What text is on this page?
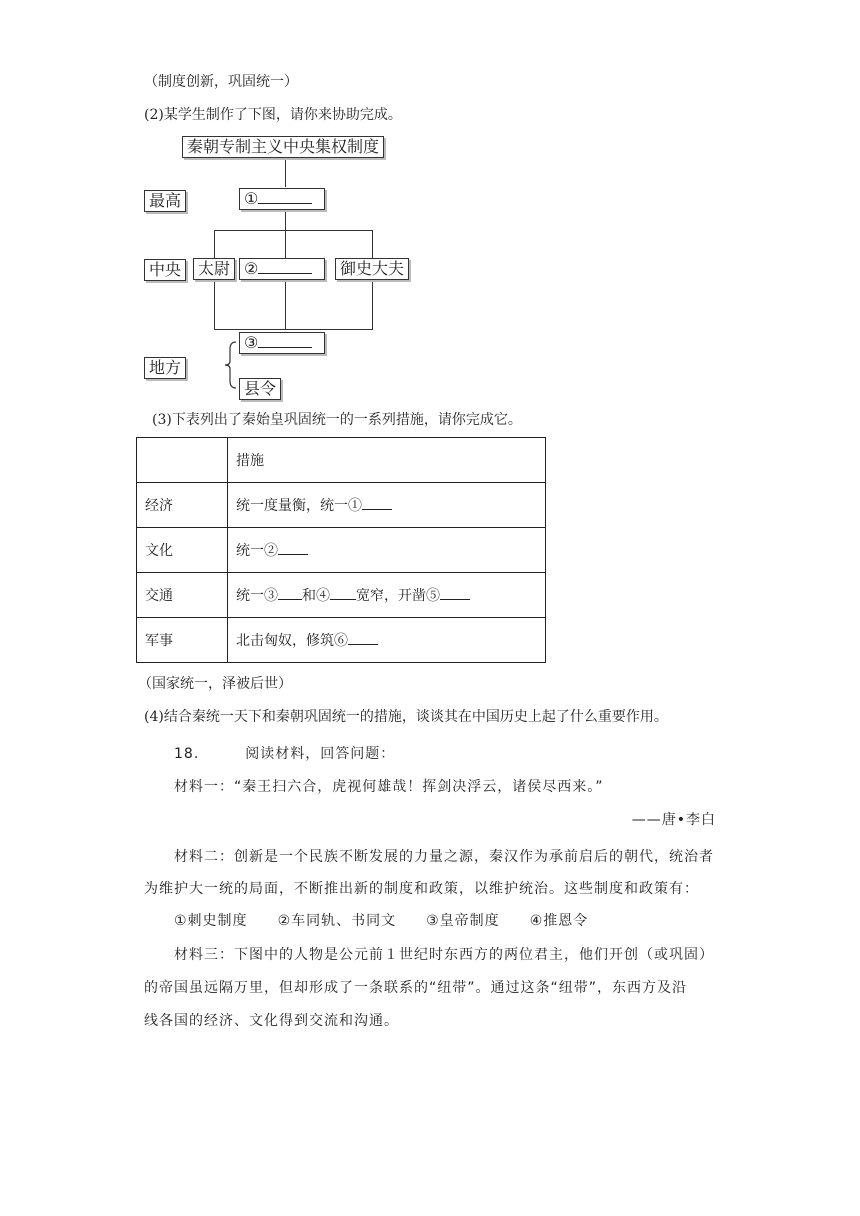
（制度创新，巩固统一）
(2)某学生制作了下图，请你来协助完成。
秦朝专制主义中央集权制度
最高	①
中央	太尉 ②	御史大夫
③
地方
县令
(3)下表列出了秦始皇巩固统一的一系列措施，请你完成它。
	措施
经济	统一度量衡，统一①
文化	统一②
交通	统一③ 和④ 宽窄，开凿⑤
军事	北击匈奴，修筑⑥
（国家统一，泽被后世）
(4)结合秦统一天下和秦朝巩固统一的措施，谈谈其在中国历史上起了什么重要作用。
18.	阅读材料，回答问题：
材料一：“秦王扫六合，虎视何雄哉！挥剑决浮云，诸侯尽西来。”
——唐•李白
材料二：创新是一个民族不断发展的力量之源，秦汉作为承前启后的朝代，统治者
为维护大一统的局面，不断推出新的制度和政策，以维护统治。这些制度和政策有：
①刺史制度 ②车同轨、书同文 ③皇帝制度 ④推恩令
材料三：下图中的人物是公元前１世纪时东西方的两位君主，他们开创（或巩固）
的帝国虽远隔万里，但却形成了一条联系的“纽带”。通过这条“纽带”，东西方及沿
线各国的经济、文化得到交流和沟通。
